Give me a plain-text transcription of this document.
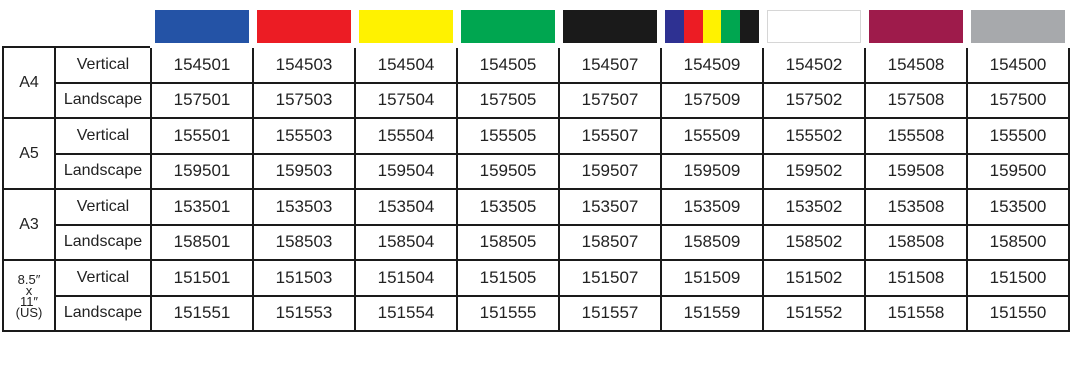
A4	Vertical	154501	154503	154504	154505	154507	154509	154502	154508	154500
	Landscape	157501	157503	157504	157505	157507	157509	157502	157508	157500
A5	Vertical	155501	155503	155504	155505	155507	155509	155502	155508	155500
	Landscape	159501	159503	159504	159505	159507	159509	159502	159508	159500
A3	Vertical	153501	153503	153504	153505	153507	153509	153502	153508	153500
	Landscape	158501	158503	158504	158505	158507	158509	158502	158508	158500

8.5″
x
11″
(US)	Vertical	151501	151503	151504	151505	151507	151509	151502	151508	151500
	Landscape	151551	151553	151554	151555	151557	151559	151552	151558	151550
